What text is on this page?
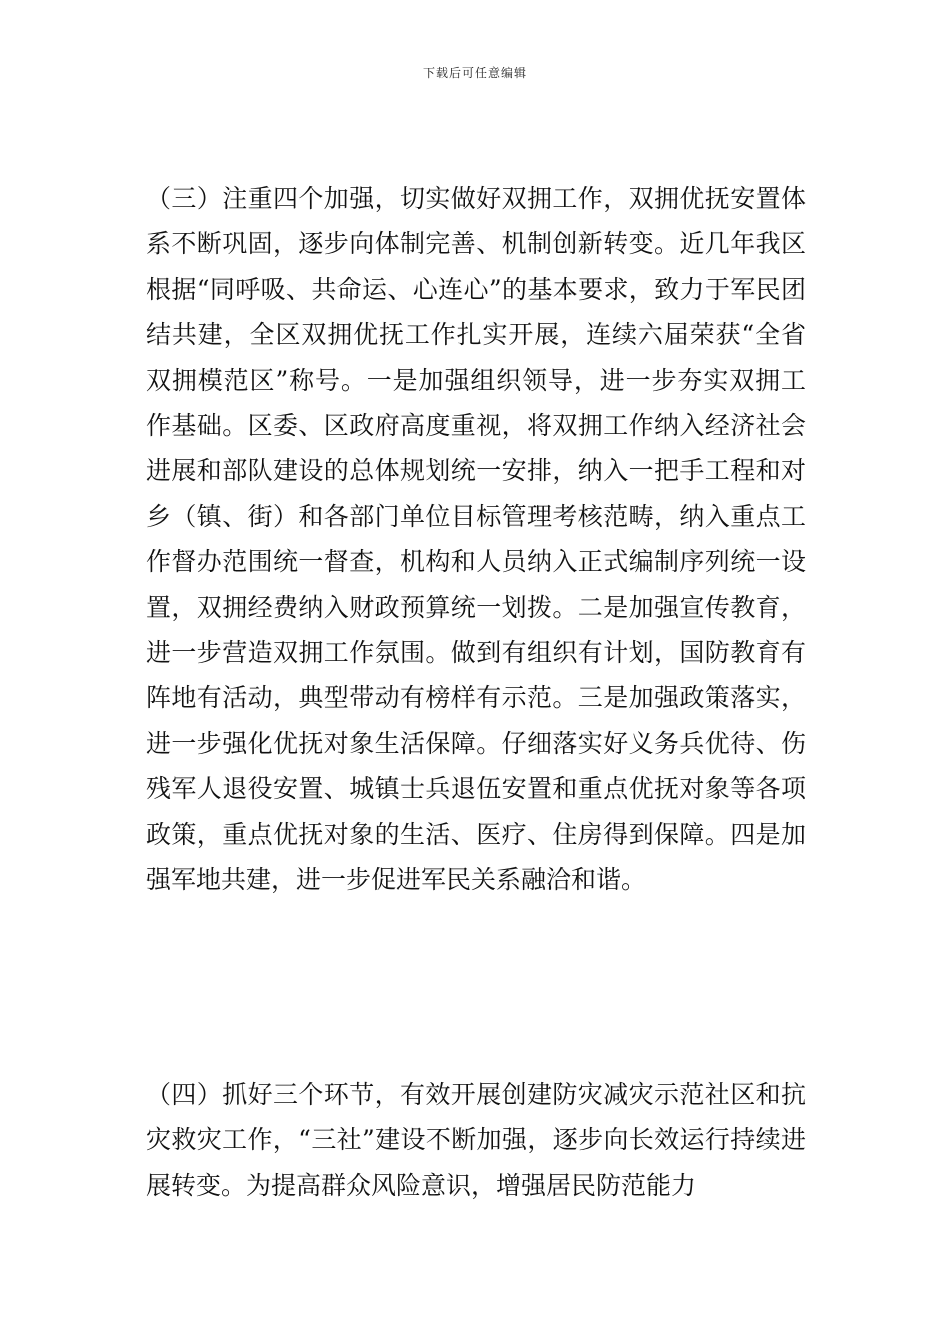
下载后可任意编辑

（三）注重四个加强，切实做好双拥工作，双拥优抚安置体系不断巩固，逐步向体制完善、机制创新转变。近几年我区根据“同呼吸、共命运、心连心”的基本要求，致力于军民团结共建，全区双拥优抚工作扎实开展，连续六届荣获“全省双拥模范区”称号。一是加强组织领导，进一步夯实双拥工作基础。区委、区政府高度重视，将双拥工作纳入经济社会进展和部队建设的总体规划统一安排，纳入一把手工程和对乡（镇、街）和各部门单位目标管理考核范畴，纳入重点工作督办范围统一督查，机构和人员纳入正式编制序列统一设置，双拥经费纳入财政预算统一划拨。二是加强宣传教育，进一步营造双拥工作氛围。做到有组织有计划，国防教育有阵地有活动，典型带动有榜样有示范。三是加强政策落实，进一步强化优抚对象生活保障。仔细落实好义务兵优待、伤残军人退役安置、城镇士兵退伍安置和重点优抚对象等各项政策，重点优抚对象的生活、医疗、住房得到保障。四是加强军地共建，进一步促进军民关系融洽和谐。

（四）抓好三个环节，有效开展创建防灾减灾示范社区和抗灾救灾工作，“三社”建设不断加强，逐步向长效运行持续进展转变。为提高群众风险意识，增强居民防范能力
